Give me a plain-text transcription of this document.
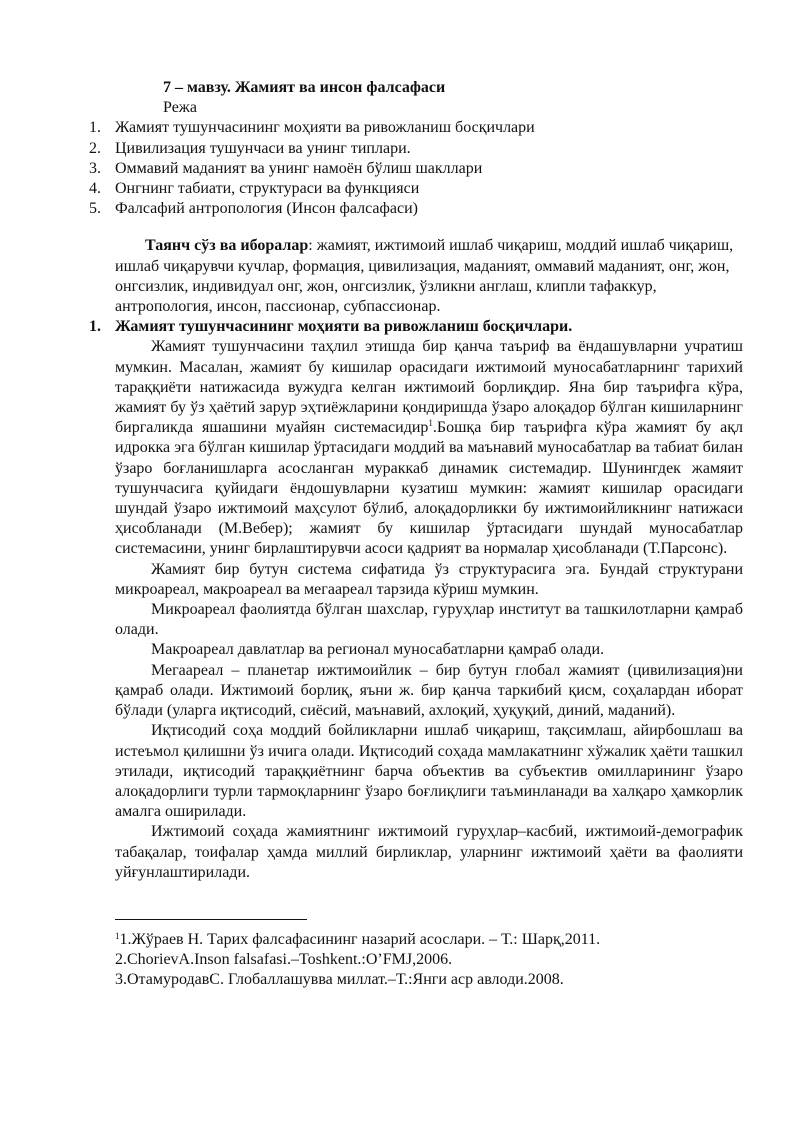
7 – мавзу. Жамият ва инсон фалсафаси
Режа
1. Жамият тушунчасининг моҳияти ва ривожланиш босқичлари
2. Цивилизация тушунчаси ва унинг типлари.
3. Оммавий маданият ва унинг намоён бўлиш шакллари
4. Онгнинг табиати, структураси ва функцияси
5. Фалсафий антропология (Инсон фалсафаси)
Таянч сўз ва иборалар: жамият, ижтимоий ишлаб чиқариш, моддий ишлаб чиқариш, ишлаб чиқарувчи кучлар, формация, цивилизация, маданият, оммавий маданият, онг, жон, онгсизлик, индивидуал онг, жон, онгсизлик, ўзликни англаш, клипли тафаккур, антропология, инсон, пассионар, субпассионар.
1. Жамият тушунчасининг моҳияти ва ривожланиш босқичлари.

Жамият тушунчасини таҳлил этишда бир қанча таъриф ва ёндашувларни учратиш мумкин. Масалан, жамият бу кишилар орасидаги ижтимоий муносабатларнинг тарихий тараққиёти натижасида вужудга келган ижтимоий борлиқдир. Яна бир таърифга кўра, жамият бу ўз ҳаётий зарур эҳтиёжларини қондиришда ўзаро алоқадор бўлган кишиларнинг биргаликда яшашини муайян системасидир$^1$.Бошқа бир таърифга кўра жамият бу ақл идрокка эга бўлган кишилар ўртасидаги моддий ва маънавий муносабатлар ва табиат билан ўзаро боғланишларга асосланган мураккаб динамик системадир. Шунингдек жамяит тушунчасига қуйидаги ёндошувларни кузатиш мумкин: жамият кишилар орасидаги шундай ўзаро ижтимоий маҳсулот бўлиб, алоқадорликки бу ижтимоийликнинг натижаси ҳисобланади (М.Вебер); жамият бу кишилар ўртасидаги шундай муносабатлар системасини, унинг бирлаштирувчи асоси қадрият ва нормалар ҳисобланади (Т.Парсонс).

Жамият бир бутун система сифатида ўз структурасига эга. Бундай структурани микроареал, макроареал ва мегаареал тарзида кўриш мумкин.

Микроареал фаолиятда бўлган шахслар, гуруҳлар институт ва ташкилотларни қамраб олади.

Макроареал давлатлар ва регионал муносабатларни қамраб олади.

Мегаареал – планетар ижтимоийлик – бир бутун глобал жамият (цивилизация)ни қамраб олади. Ижтимоий борлиқ, яъни ж. бир қанча таркибий қисм, соҳалардан иборат бўлади (уларга иқтисодий, сиёсий, маънавий, ахлоқий, ҳуқуқий, диний, маданий).

Иқтисодий соҳа моддий бойликларни ишлаб чиқариш, тақсимлаш, айирбошлаш ва истеъмол қилишни ўз ичига олади. Иқтисодий соҳада мамлакатнинг хўжалик ҳаёти ташкил этилади, иқтисодий тараққиётнинг барча объектив ва субъектив омилларининг ўзаро алоқадорлиги турли тармоқларнинг ўзаро боғлиқлиги таъминланади ва халқаро ҳамкорлик амалга оширилади.

Ижтимоий соҳада жамиятнинг ижтимоий гуруҳлар–касбий, ижтимоий-демографик табақалар, тоифалар ҳамда миллий бирликлар, уларнинг ижтимоий ҳаёти ва фаолияти уйғунлаштирилади.

$^1$1.Жўраев Н. Тарих фалсафасининг назарий асослари. – Т.: Шарқ,2011.
2.ChorievA.Inson falsafasi.–Toshkent.:O’FMJ,2006.
3.ОтамуродавС. Глобаллашувва миллат.–Т.:Янги аср авлоди.2008.
